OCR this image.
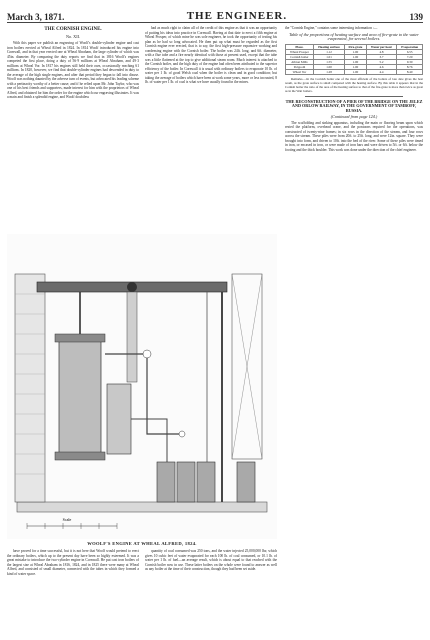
March 3, 1871.	THE ENGINEER.	139
THE CORNISH ENGINE.
No. XII.

With this paper we publish an engraving of Woolf's double-cylinder engine and cast iron boilers erected at Wheal Alfred in 1824. In 1814 Woolf introduced his engine into Cornwall, and in that year erected one at Wheal Abraham, the large cylinder of which was 45in. diameter. By comparing the duty reports we find that in 1816 Woolf's engines competed the first place, doing a duty of 56·9 millions at Wheal Abraham, and 49·3 millions at Wheal Vor. In 1817 his engines still held their own, occasionally reaching 61 millions. In 1820, however, we find that double-cylinder engines had descended in duty to the average of the high single engines, and after that period they began to fall into disuse. Woolf was nothing daunted by the adverse turn of events, but advocated his leading scheme with a pertinacity worthy of a better cause; and if he relied upon Mr. John Taylor, who was one of his best friends and supporters, made interest for him with the proprietors of Wheal Alfred, and obtained for him the order for the engine which our engraving illustrates. It was a main and finish a splendid engine, and Woolf doubtless

had as much right to claim all of the credit of this engine as that it was an opportunity of putting his ideas into practice in Cornwall. Having at that date to erect a fifth engine at Wheal Prosper, of which mine he was sole engineer, he took the opportunity of testing his plan as he had so long advocated. He then put up what must be regarded as the first Cornish engine ever erected, that is to say, the first high-pressure expansive working and condensing engine with the Cornish boiler. The boiler was 24ft. long, and 6ft. diameter, with a flue tube and a fire nearly identical with those at present used, except that the tube was a little flattened at the top to give additional steam room. Much interest is attached to the Cornish boiler, and the high duty of the engine had often been attributed to the superior efficiency of the boiler. In Cornwall it is usual with ordinary boilers to evaporate 10 lb. of water per 1 lb. of good Welsh coal when the boiler is clean and in good condition; but taking the average of boilers which have been at work some years, more or less incrusted, 8 lb. of water per 1 lb. of coal is what we have usually found in the mines.

the "Cornish Engine," contains some interesting information :—

Table of the proportions of heating surface and area of fire-grate to the water evaporated, for several boilers.
Place.	Heating surface	Fire-grate	Water per hour	Evaporation
Wheal Prosper	1.12	1.00	4.8	6.55
Cornish boiler	1.01	1.00	3.7	7.20
Albion Mills	1.55	1.00	5.2	9.30
Polgooth	1.00	1.00	4.6	8.76
Wheal Vor	1.28	1.00	4.4	8.40

Remarks.—In the Cornish boiler one of the most efficient of the boilers of late date gives the best result, as the grate surface is small compared with the heating surface. By this table it appears that in the Cornish boiler the ratio of the area of the heating surface to that of the fire-grate is more than twice as great as in the Watt boilers.

THE RECONSTRUCTION OF A PIER OF THE BRIDGE ON THE JELEZ AND ORLOW RAILWAY, IN THE GOVERNMENT OF TAMBOFF, RUSSIA.
(Continued from page 124.)

The scaffolding and sinking apparatus, including the main or flooring beam upon which rested the platform, overhead crane, and the pontoons required for the operations, was constructed of twenty-nine frames; in six rows in the direction of the stream, and four rows across the stream. These piles were from 20ft. to 25ft. long, and were 12in. square. They were brought into form, and driven to 10ft. into the bed of the river. Some of these piles were timed in iron, or encased in iron, or were made of iron bars and were driven to 5ft. or 6ft. below the footing and the thick boulder. This work was done under the direction of the chief engineer.

Scale
WOOLF'S ENGINE AT WHEAL ALFRED, 1824.

have proved for a time successful, but it is not here that Woolf would pretend to erect the ordinary boilers, which up to the present day have been so highly esteemed. It was a great mistake to introduce the two-cylinder engine in Cornwall. He put cast iron boilers of the largest size at Wheal Abraham in 1816, 1824, and in 1825 there were many at Wheal Alfred, and consisted of small diameter, connected with the tubes in which they formed a kind of water space.

quantity of coal consumed was 250 tons, and the water injected 25,000,000 lbs; which gives 10 cubic feet of water evaporated for each 100 lb. of coal consumed, or 10.1 lb. of water per 1 lb. of fuel—an average result, which is about equal to that reached with the Cornish boiler now in use. These latter boilers on the whole were found to answer as well as any boiler at the time of their construction, though they had been set aside.
